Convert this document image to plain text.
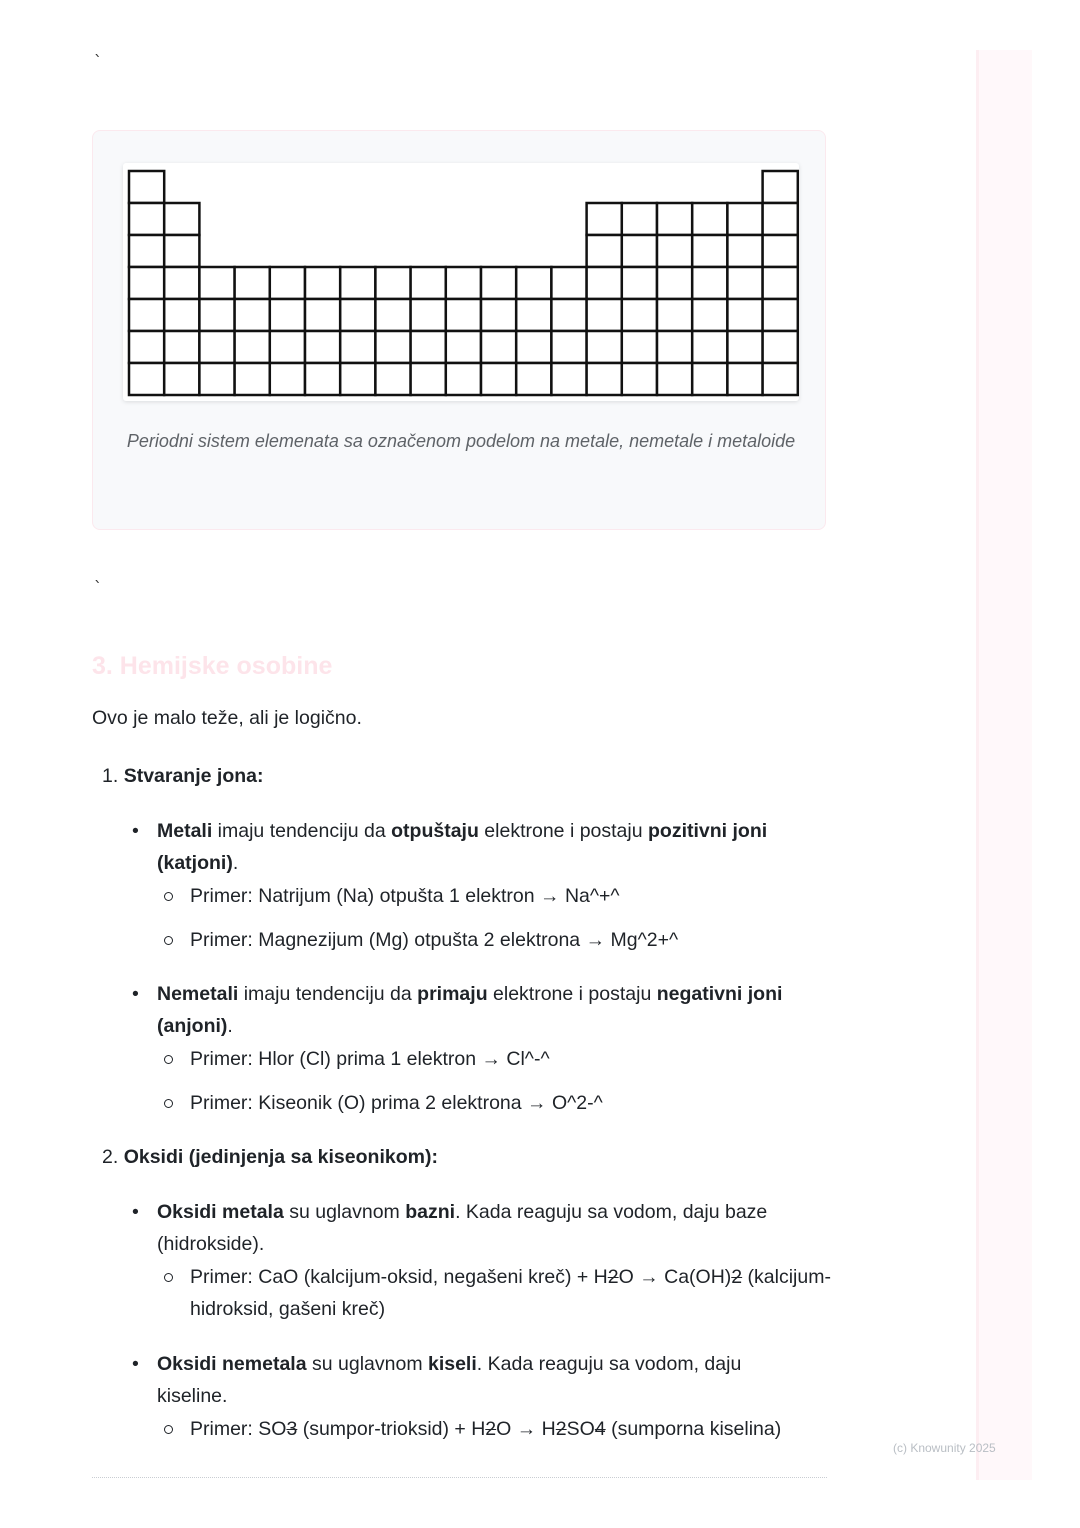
`
Periodni sistem elemenata sa označenom podelom na metale, nemetale i metaloide
`
3. Hemijske osobine
Ovo je malo teže, ali je logično.
1. Stvaranje jona:
• Metali imaju tendenciju da otpuštaju elektrone i postaju pozitivni joni (katjoni).
Primer: Natrijum (Na) otpušta 1 elektron → Na^+^
Primer: Magnezijum (Mg) otpušta 2 elektrona → Mg^2+^
• Nemetali imaju tendenciju da primaju elektrone i postaju negativni joni (anjoni).
Primer: Hlor (Cl) prima 1 elektron → Cl^-^
Primer: Kiseonik (O) prima 2 elektrona → O^2-^
2. Oksidi (jedinjenja sa kiseonikom):
• Oksidi metala su uglavnom bazni. Kada reaguju sa vodom, daju baze (hidrokside).
Primer: CaO (kalcijum-oksid, negašeni kreč) + H2O → Ca(OH)2 (kalcijum-hidroksid, gašeni kreč)
• Oksidi nemetala su uglavnom kiseli. Kada reaguju sa vodom, daju kiseline.
Primer: SO3 (sumpor-trioksid) + H2O → H2SO4 (sumporna kiselina)
(c) Knowunity 2025
